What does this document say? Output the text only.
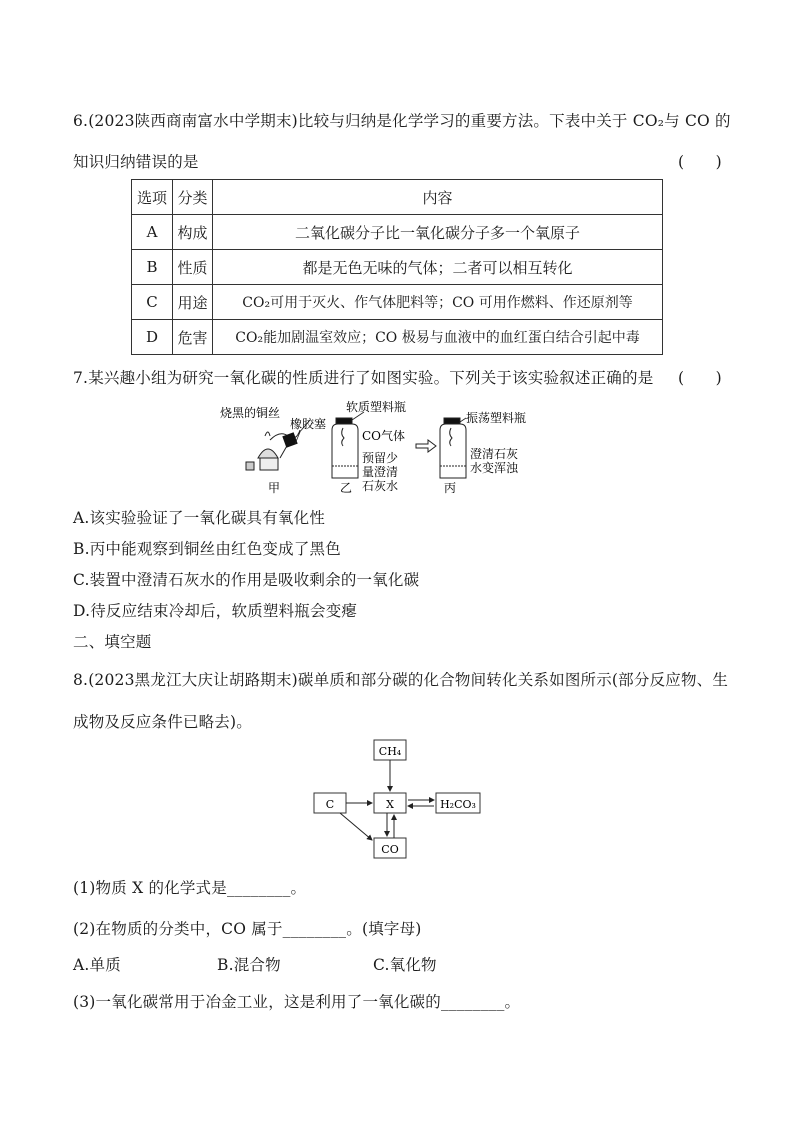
6.(2023陕西商南富水中学期末)比较与归纳是化学学习的重要方法。下表中关于 CO₂与 CO 的
知识归纳错误的是	(　　)
选项	分类	内容
A	构成	二氧化碳分子比一氧化碳分子多一个氧原子
B	性质	都是无色无味的气体；二者可以相互转化
C	用途	CO₂可用于灭火、作气体肥料等；CO 可用作燃料、作还原剂等
D	危害	CO₂能加剧温室效应；CO 极易与血液中的血红蛋白结合引起中毒
7.某兴趣小组为研究一氧化碳的性质进行了如图实验。下列关于该实验叙述正确的是 (　　)
烧黑的铜丝
橡胶塞
甲
软质塑料瓶
CO气体
预留少
量澄清
石灰水
乙
振荡塑料瓶
澄清石灰
水变浑浊
丙
A.该实验验证了一氧化碳具有氧化性
B.丙中能观察到铜丝由红色变成了黑色
C.装置中澄清石灰水的作用是吸收剩余的一氧化碳
D.待反应结束冷却后，软质塑料瓶会变瘪
二、填空题
8.(2023黑龙江大庆让胡路期末)碳单质和部分碳的化合物间转化关系如图所示(部分反应物、生
成物及反应条件已略去)。
CH₄
C	X	H₂CO₃
CO
(1)物质 X 的化学式是________。
(2)在物质的分类中，CO 属于________。(填字母)
A.单质	B.混合物	C.氧化物
(3)一氧化碳常用于冶金工业，这是利用了一氧化碳的________。
